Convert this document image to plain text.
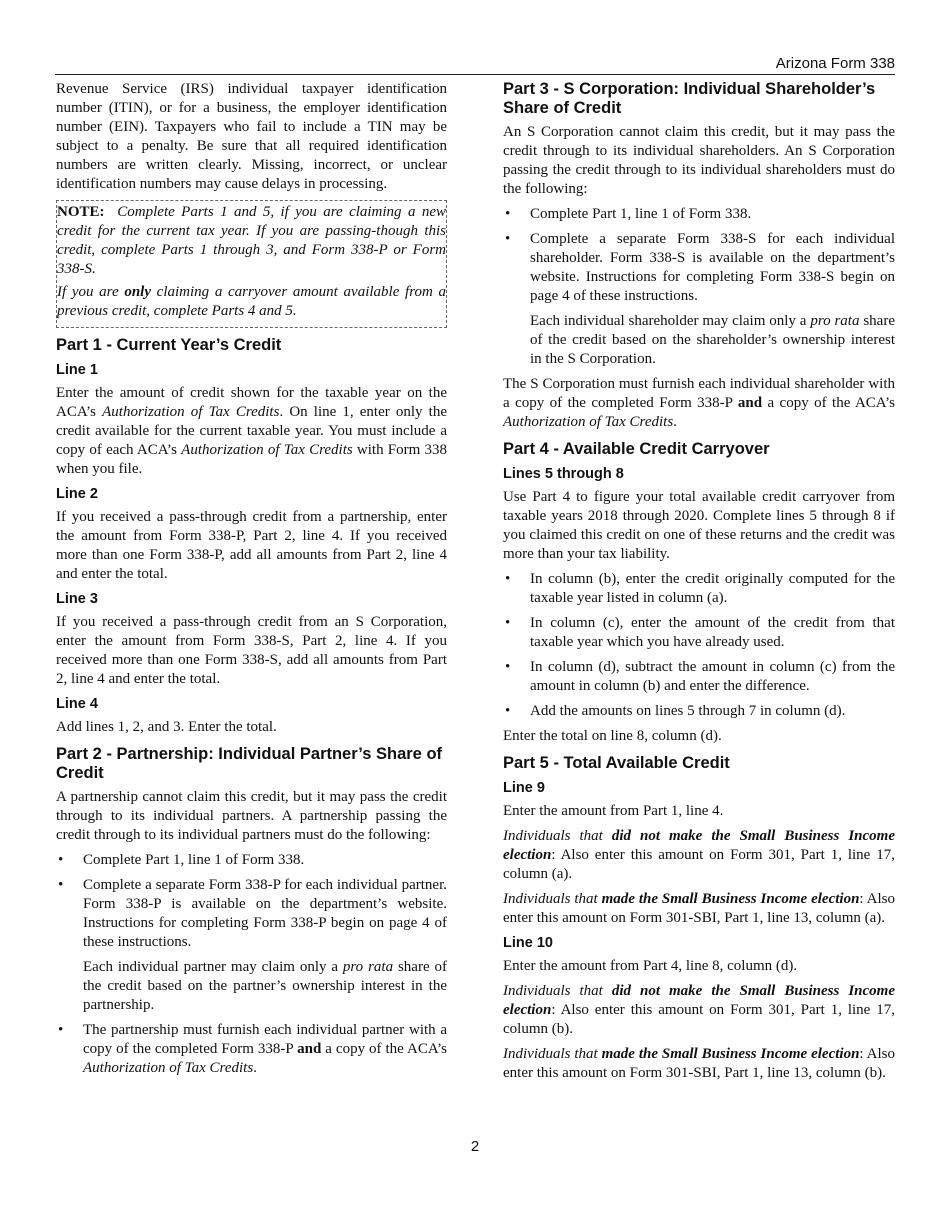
Arizona Form 338

Revenue Service (IRS) individual taxpayer identification number (ITIN), or for a business, the employer identification number (EIN). Taxpayers who fail to include a TIN may be subject to a penalty. Be sure that all required identification numbers are written clearly. Missing, incorrect, or unclear identification numbers may cause delays in processing.

NOTE: Complete Parts 1 and 5, if you are claiming a new credit for the current tax year. If you are passing-though this credit, complete Parts 1 through 3, and Form 338-P or Form 338-S.

If you are only claiming a carryover amount available from a previous credit, complete Parts 4 and 5.

Part 1 - Current Year’s Credit
Line 1

Enter the amount of credit shown for the taxable year on the ACA’s Authorization of Tax Credits. On line 1, enter only the credit available for the current taxable year. You must include a copy of each ACA’s Authorization of Tax Credits with Form 338 when you file.

Line 2

If you received a pass-through credit from a partnership, enter the amount from Form 338-P, Part 2, line 4. If you received more than one Form 338-P, add all amounts from Part 2, line 4 and enter the total.

Line 3

If you received a pass-through credit from an S Corporation, enter the amount from Form 338-S, Part 2, line 4. If you received more than one Form 338-S, add all amounts from Part 2, line 4 and enter the total.

Line 4

Add lines 1, 2, and 3. Enter the total.

Part 2 - Partnership: Individual Partner’s Share of Credit

A partnership cannot claim this credit, but it may pass the credit through to its individual partners. A partnership passing the credit through to its individual partners must do the following:

• Complete Part 1, line 1 of Form 338.
• Complete a separate Form 338-P for each individual partner. Form 338-P is available on the department’s website. Instructions for completing Form 338-P begin on page 4 of these instructions.

Each individual partner may claim only a pro rata share of the credit based on the partner’s ownership interest in the partnership.

• The partnership must furnish each individual partner with a copy of the completed Form 338-P and a copy of the ACA’s Authorization of Tax Credits.
Part 3 - S Corporation: Individual Shareholder’s Share of Credit

An S Corporation cannot claim this credit, but it may pass the credit through to its individual shareholders. An S Corporation passing the credit through to its individual shareholders must do the following:

• Complete Part 1, line 1 of Form 338.
• Complete a separate Form 338-S for each individual shareholder. Form 338-S is available on the department’s website. Instructions for completing Form 338-S begin on page 4 of these instructions.

Each individual shareholder may claim only a pro rata share of the credit based on the shareholder’s ownership interest in the S Corporation.

The S Corporation must furnish each individual shareholder with a copy of the completed Form 338-P and a copy of the ACA’s Authorization of Tax Credits.

Part 4 - Available Credit Carryover
Lines 5 through 8

Use Part 4 to figure your total available credit carryover from taxable years 2018 through 2020. Complete lines 5 through 8 if you claimed this credit on one of these returns and the credit was more than your tax liability.

• In column (b), enter the credit originally computed for the taxable year listed in column (a).
• In column (c), enter the amount of the credit from that taxable year which you have already used.
• In column (d), subtract the amount in column (c) from the amount in column (b) and enter the difference.
• Add the amounts on lines 5 through 7 in column (d).

Enter the total on line 8, column (d).

Part 5 - Total Available Credit
Line 9

Enter the amount from Part 1, line 4.

Individuals that did not make the Small Business Income election: Also enter this amount on Form 301, Part 1, line 17, column (a).

Individuals that made the Small Business Income election: Also enter this amount on Form 301-SBI, Part 1, line 13, column (a).

Line 10

Enter the amount from Part 4, line 8, column (d).

Individuals that did not make the Small Business Income election: Also enter this amount on Form 301, Part 1, line 17, column (b).

Individuals that made the Small Business Income election: Also enter this amount on Form 301-SBI, Part 1, line 13, column (b).

2
